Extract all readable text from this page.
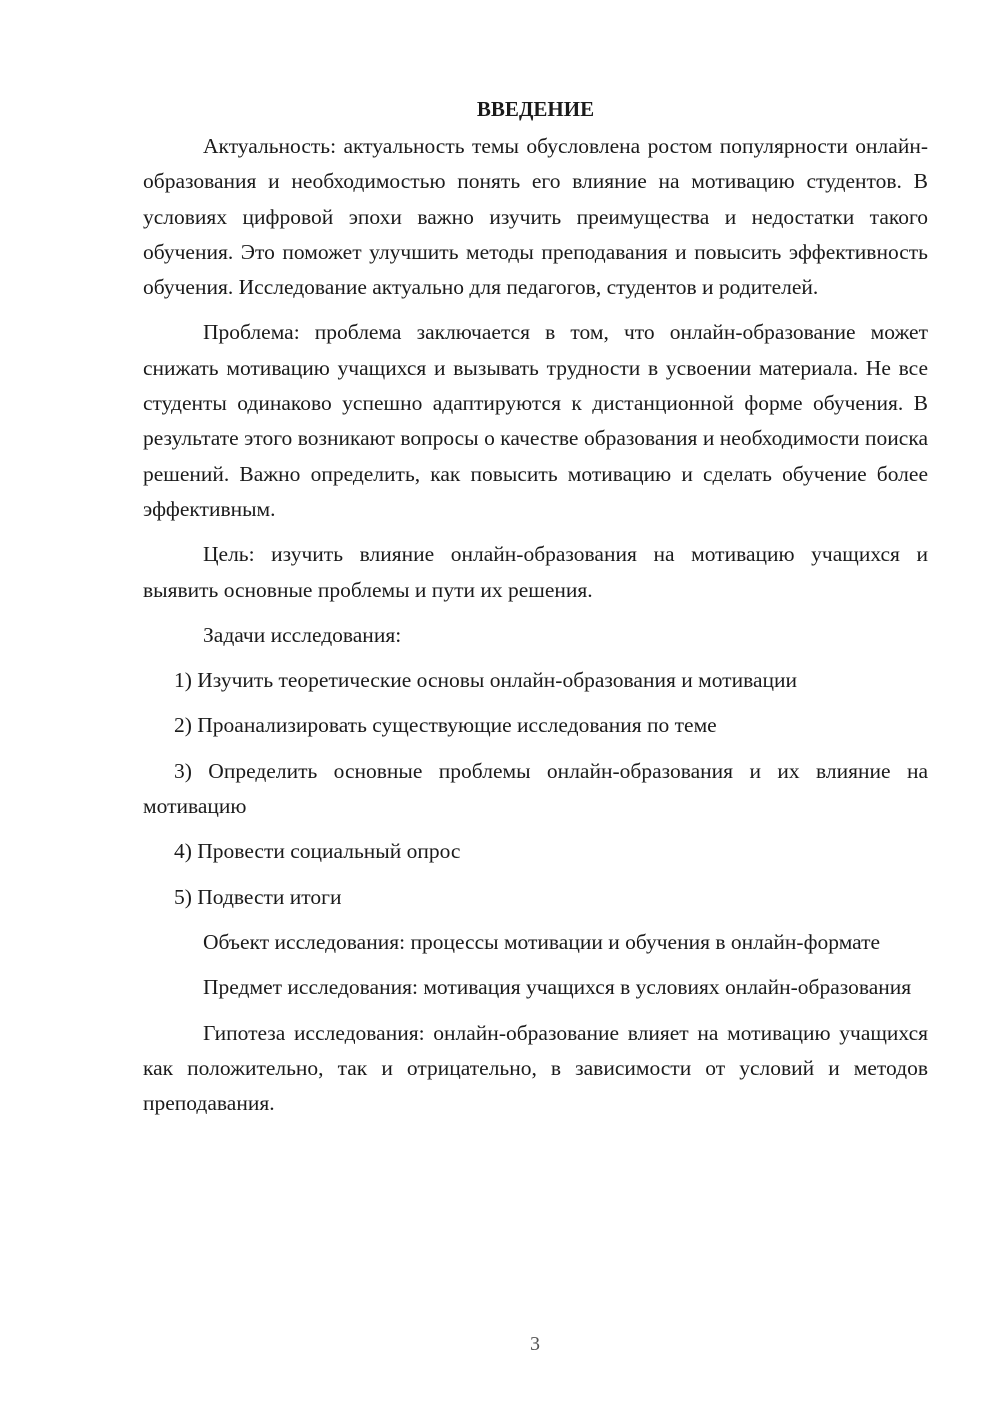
ВВЕДЕНИЕ

Актуальность: актуальность темы обусловлена ростом популярности онлайн-образования и необходимостью понять его влияние на мотивацию студентов. В условиях цифровой эпохи важно изучить преимущества и недостатки такого обучения. Это поможет улучшить методы преподавания и повысить эффективность обучения. Исследование актуально для педагогов, студентов и родителей.

Проблема: проблема заключается в том, что онлайн-образование может снижать мотивацию учащихся и вызывать трудности в усвоении материала. Не все студенты одинаково успешно адаптируются к дистанционной форме обучения. В результате этого возникают вопросы о качестве образования и необходимости поиска решений. Важно определить, как повысить мотивацию и сделать обучение более эффективным.

Цель: изучить влияние онлайн-образования на мотивацию учащихся и выявить основные проблемы и пути их решения.

Задачи исследования:

1) Изучить теоретические основы онлайн-образования и мотивации

2) Проанализировать существующие исследования по теме

3) Определить основные проблемы онлайн-образования и их влияние на мотивацию

4) Провести социальный опрос

5) Подвести итоги

Объект исследования: процессы мотивации и обучения в онлайн-формате

Предмет исследования: мотивация учащихся в условиях онлайн-образования

Гипотеза исследования: онлайн-образование влияет на мотивацию учащихся как положительно, так и отрицательно, в зависимости от условий и методов преподавания.

3
